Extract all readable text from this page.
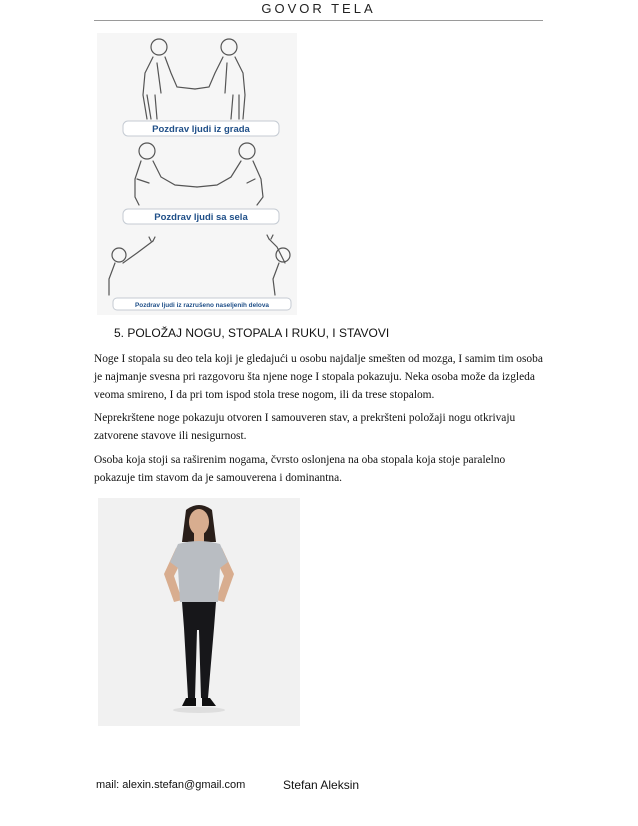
GOVOR TELA
Pozdrav ljudi iz grada
Pozdrav ljudi sa sela
Pozdrav ljudi iz razrušeno naseljenih delova
5. POLOŽAJ NOGU, STOPALA I RUKU, I STAVOVI

Noge I stopala su deo tela koji je gledajući u osobu najdalje smešten od mozga, I samim tim osoba je najmanje svesna pri razgovoru šta njene noge I stopala pokazuju. Neka osoba može da izgleda veoma smireno, I da pri tom ispod stola trese nogom, ili da trese stopalom.

Neprekrštene noge pokazuju otvoren I samouveren stav, a prekršteni položaji nogu otkrivaju zatvorene stavove ili nesigurnost.

Osoba koja stoji sa raširenim nogama, čvrsto oslonjena na oba stopala koja stoje paralelno pokazuje tim stavom da je samouverena i dominantna.

mail: alexin.stefan@gmail.com	Stefan Aleksin
